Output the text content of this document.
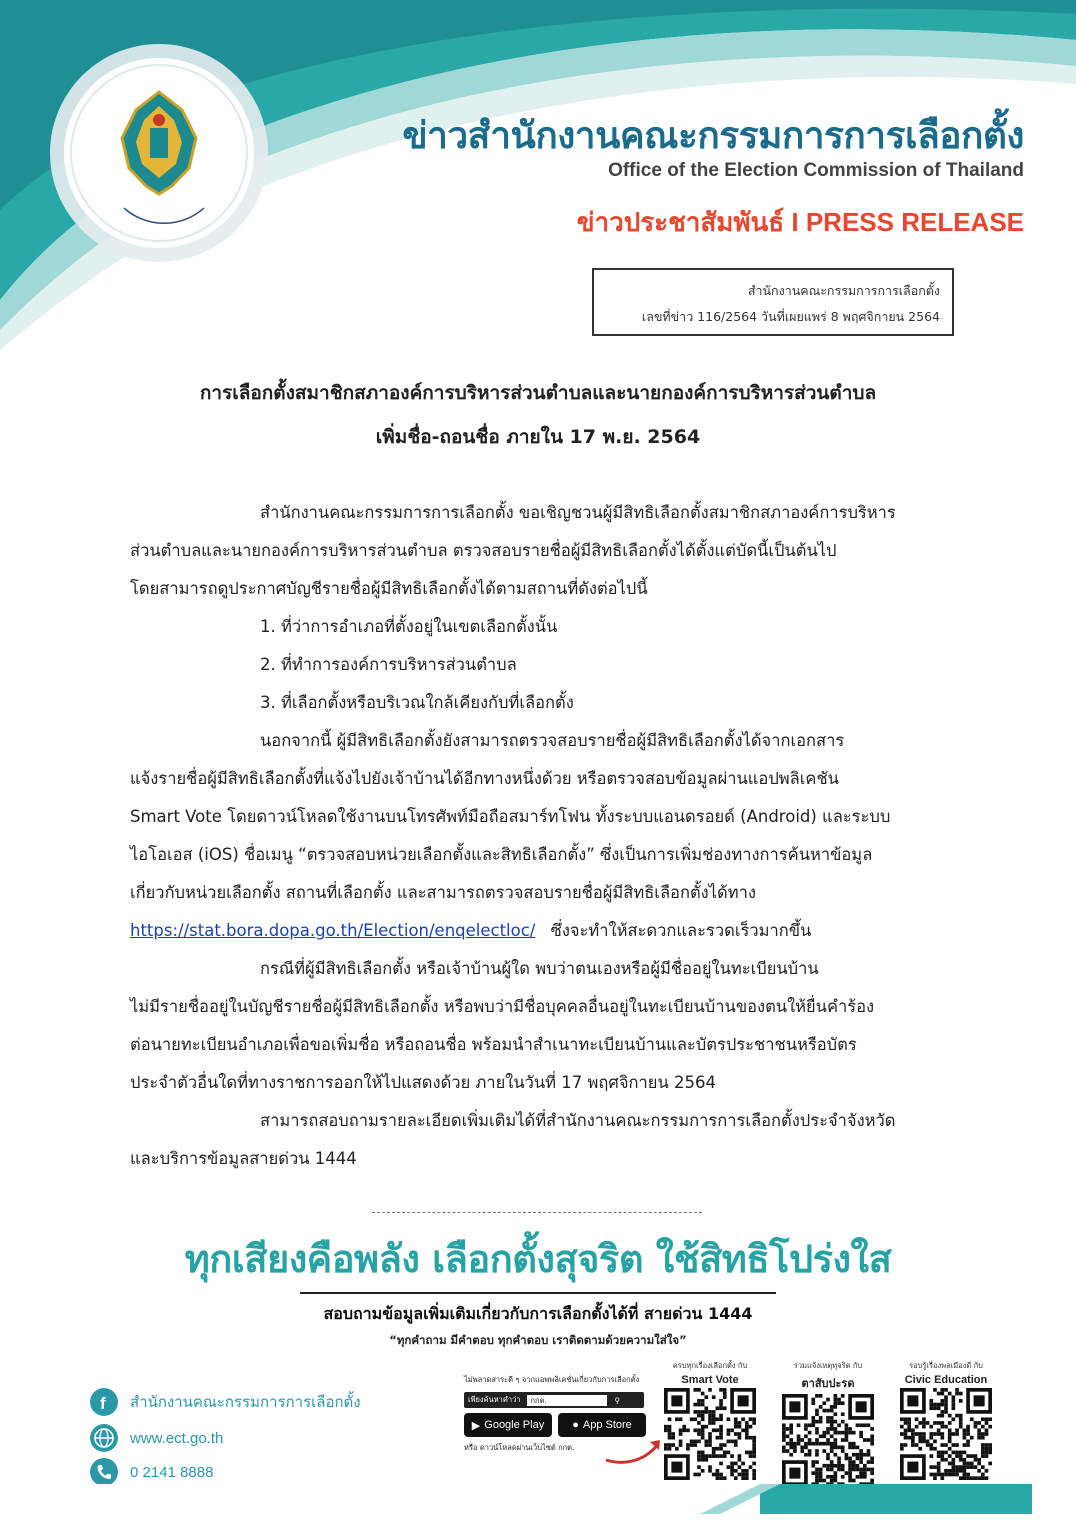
ข่าวสำนักงานคณะกรรมการการเลือกตั้ง
Office of the Election Commission of Thailand
ข่าวประชาสัมพันธ์ I PRESS RELEASE
สำนักงานคณะกรรมการการเลือกตั้ง
เลขที่ข่าว 116/2564 วันที่เผยแพร่ 8 พฤศจิกายน 2564
การเลือกตั้งสมาชิกสภาองค์การบริหารส่วนตำบลและนายกองค์การบริหารส่วนตำบล
เพิ่มชื่อ-ถอนชื่อ ภายใน 17 พ.ย. 2564
สำนักงานคณะกรรมการการเลือกตั้ง ขอเชิญชวนผู้มีสิทธิเลือกตั้งสมาชิกสภาองค์การบริหาร
ส่วนตำบลและนายกองค์การบริหารส่วนตำบล ตรวจสอบรายชื่อผู้มีสิทธิเลือกตั้งได้ตั้งแต่บัดนี้เป็นต้นไป
โดยสามารถดูประกาศบัญชีรายชื่อผู้มีสิทธิเลือกตั้งได้ตามสถานที่ดังต่อไปนี้
1. ที่ว่าการอำเภอที่ตั้งอยู่ในเขตเลือกตั้งนั้น
2. ที่ทำการองค์การบริหารส่วนตำบล
3. ที่เลือกตั้งหรือบริเวณใกล้เคียงกับที่เลือกตั้ง
นอกจากนี้ ผู้มีสิทธิเลือกตั้งยังสามารถตรวจสอบรายชื่อผู้มีสิทธิเลือกตั้งได้จากเอกสาร
แจ้งรายชื่อผู้มีสิทธิเลือกตั้งที่แจ้งไปยังเจ้าบ้านได้อีกทางหนึ่งด้วย หรือตรวจสอบข้อมูลผ่านแอปพลิเคชัน
Smart Vote โดยดาวน์โหลดใช้งานบนโทรศัพท์มือถือสมาร์ทโฟน ทั้งระบบแอนดรอยด์ (Android) และระบบ
ไอโอเอส (iOS) ชื่อเมนู “ตรวจสอบหน่วยเลือกตั้งและสิทธิเลือกตั้ง” ซึ่งเป็นการเพิ่มช่องทางการค้นหาข้อมูล
เกี่ยวกับหน่วยเลือกตั้ง สถานที่เลือกตั้ง และสามารถตรวจสอบรายชื่อผู้มีสิทธิเลือกตั้งได้ทาง
https://stat.bora.dopa.go.th/Election/enqelectloc/ ซึ่งจะทำให้สะดวกและรวดเร็วมากขึ้น
กรณีที่ผู้มีสิทธิเลือกตั้ง หรือเจ้าบ้านผู้ใด พบว่าตนเองหรือผู้มีชื่ออยู่ในทะเบียนบ้าน
ไม่มีรายชื่ออยู่ในบัญชีรายชื่อผู้มีสิทธิเลือกตั้ง หรือพบว่ามีชื่อบุคคลอื่นอยู่ในทะเบียนบ้านของตนให้ยื่นคำร้อง
ต่อนายทะเบียนอำเภอเพื่อขอเพิ่มชื่อ หรือถอนชื่อ พร้อมนำสำเนาทะเบียนบ้านและบัตรประชาชนหรือบัตร
ประจำตัวอื่นใดที่ทางราชการออกให้ไปแสดงด้วย ภายในวันที่ 17 พฤศจิกายน 2564
สามารถสอบถามรายละเอียดเพิ่มเติมได้ที่สำนักงานคณะกรรมการการเลือกตั้งประจำจังหวัด
และบริการข้อมูลสายด่วน 1444
ทุกเสียงคือพลัง เลือกตั้งสุจริต ใช้สิทธิโปร่งใส
สอบถามข้อมูลเพิ่มเติมเกี่ยวกับการเลือกตั้งได้ที่ สายด่วน 1444
“ทุกคำถาม มีคำตอบ ทุกคำตอบ เราติดตามด้วยความใส่ใจ”
f สำนักงานคณะกรรมการการเลือกตั้ง
www.ect.go.th
0 2141 8888
ไม่พลาดสาระดี ๆ จากแอพพลิเคชั่นเกี่ยวกับการเลือกตั้ง
เพียงค้นหาคำว่า	กกต.	⚲
▶ Google Play	● App Store
หรือ ดาวน์โหลดผ่านเว็บไซต์ กกต.
ครบทุกเรื่องเลือกตั้ง กับ
Smart Vote
ร่วมแจ้งเหตุทุจริต กับ
ตาสับปะรด
รอบรู้เรื่องพลเมืองดี กับ
Civic Education
